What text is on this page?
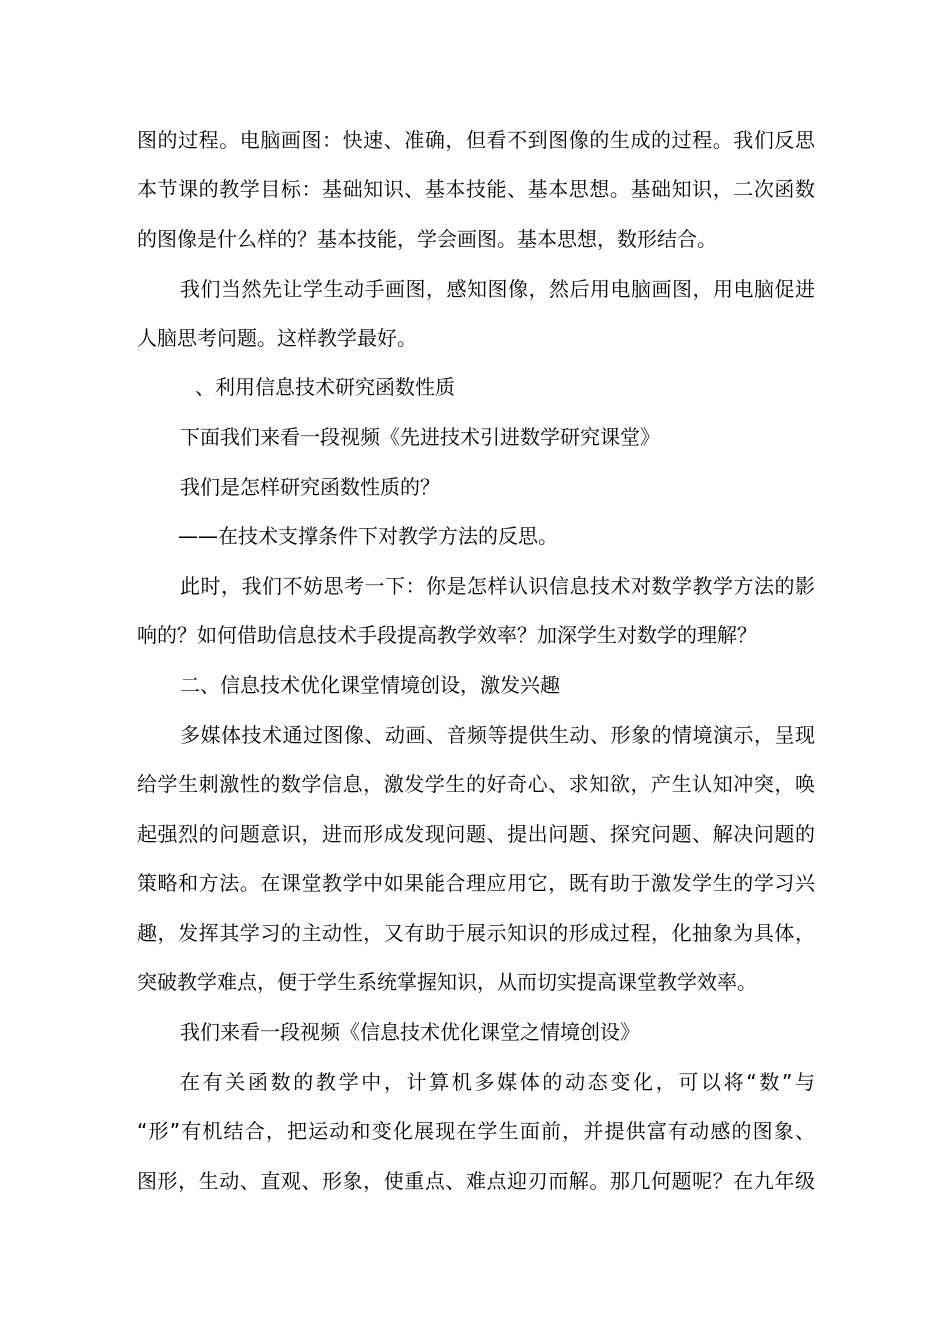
图的过程。电脑画图：快速、准确，但看不到图像的生成的过程。我们反思
本节课的教学目标：基础知识、基本技能、基本思想。基础知识，二次函数
的图像是什么样的？基本技能，学会画图。基本思想，数形结合。
我们当然先让学生动手画图，感知图像，然后用电脑画图，用电脑促进
人脑思考问题。这样教学最好。
、利用信息技术研究函数性质
下面我们来看一段视频《先进技术引进数学研究课堂》
我们是怎样研究函数性质的？
——在技术支撑条件下对教学方法的反思。
此时，我们不妨思考一下：你是怎样认识信息技术对数学教学方法的影
响的？如何借助信息技术手段提高教学效率？加深学生对数学的理解？
二、信息技术优化课堂情境创设，激发兴趣
多媒体技术通过图像、动画、音频等提供生动、形象的情境演示，呈现
给学生刺激性的数学信息，激发学生的好奇心、求知欲，产生认知冲突，唤
起强烈的问题意识，进而形成发现问题、提出问题、探究问题、解决问题的
策略和方法。在课堂教学中如果能合理应用它，既有助于激发学生的学习兴
趣，发挥其学习的主动性，又有助于展示知识的形成过程，化抽象为具体，
突破教学难点，便于学生系统掌握知识，从而切实提高课堂教学效率。
我们来看一段视频《信息技术优化课堂之情境创设》
在有关函数的教学中，计算机多媒体的动态变化，可以将“数”与
“形”有机结合，把运动和变化展现在学生面前，并提供富有动感的图象、
图形，生动、直观、形象，使重点、难点迎刃而解。那几何题呢？在九年级
